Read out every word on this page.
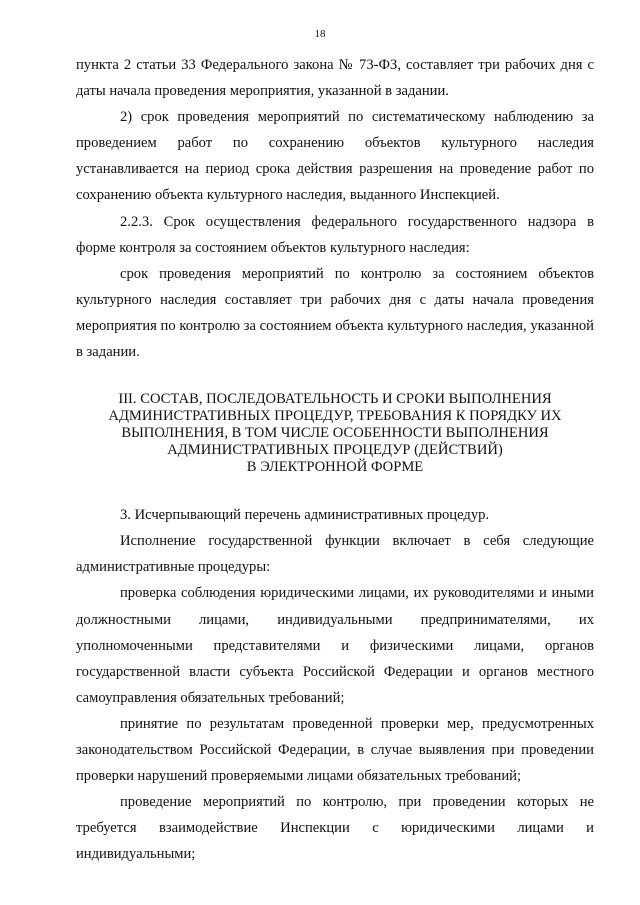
18

пункта 2 статьи 33 Федерального закона № 73-ФЗ, составляет три рабочих дня с даты начала проведения мероприятия, указанной в задании.

2) срок проведения мероприятий по систематическому наблюдению за проведением работ по сохранению объектов культурного наследия устанавливается на период срока действия разрешения на проведение работ по сохранению объекта культурного наследия, выданного Инспекцией.

2.2.3. Срок осуществления федерального государственного надзора в форме контроля за состоянием объектов культурного наследия:

срок проведения мероприятий по контролю за состоянием объектов культурного наследия составляет три рабочих дня с даты начала проведения мероприятия по контролю за состоянием объекта культурного наследия, указанной в задании.

III. СОСТАВ, ПОСЛЕДОВАТЕЛЬНОСТЬ И СРОКИ ВЫПОЛНЕНИЯ
АДМИНИСТРАТИВНЫХ ПРОЦЕДУР, ТРЕБОВАНИЯ К ПОРЯДКУ ИХ
ВЫПОЛНЕНИЯ, В ТОМ ЧИСЛЕ ОСОБЕННОСТИ ВЫПОЛНЕНИЯ
АДМИНИСТРАТИВНЫХ ПРОЦЕДУР (ДЕЙСТВИЙ)
В ЭЛЕКТРОННОЙ ФОРМЕ

3. Исчерпывающий перечень административных процедур.

Исполнение государственной функции включает в себя следующие административные процедуры:

проверка соблюдения юридическими лицами, их руководителями и иными должностными лицами, индивидуальными предпринимателями, их уполномоченными представителями и физическими лицами, органов государственной власти субъекта Российской Федерации и органов местного самоуправления обязательных требований;

принятие по результатам проведенной проверки мер, предусмотренных законодательством Российской Федерации, в случае выявления при проведении проверки нарушений проверяемыми лицами обязательных требований;

проведение мероприятий по контролю, при проведении которых не требуется взаимодействие Инспекции с юридическими лицами и индивидуальными;
